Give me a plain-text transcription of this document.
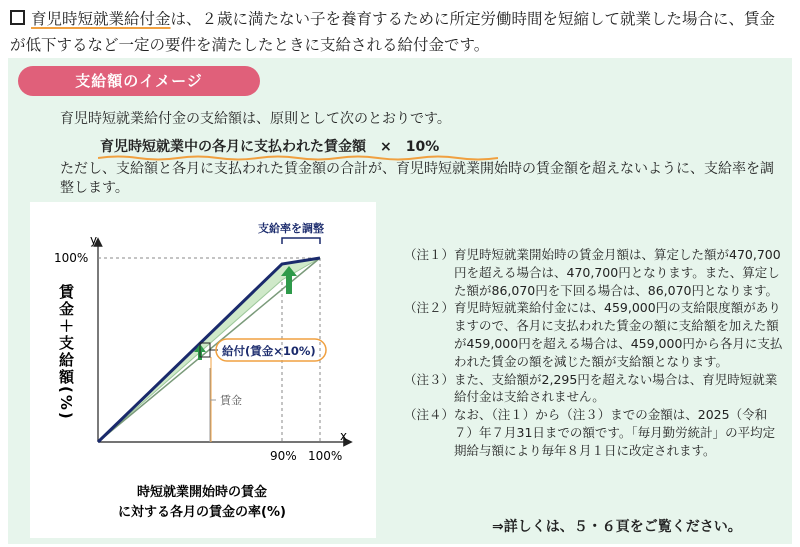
育児時短就業給付金は、２歳に満たない子を養育するために所定労働時間を短縮して就業した場合に、賃金が低下するなど一定の要件を満たしたときに支給される給付金です。
支給額のイメージ
育児時短就業給付金の支給額は、原則として次のとおりです。
育児時短就業中の各月に支払われた賃金額　×　10%
ただし、支給額と各月に支払われた賃金額の合計が、育児時短就業開始時の賃金額を超えないように、支給率を調整します。
y
x
支給率を調整
給付(賃金×10%)
賃金
100%
90% 100%
賃金＋支給額(%)
時短就業開始時の賃金
に対する各月の賃金の率(%)
（注１） 育児時短就業開始時の賃金月額は、算定した額が470,700円を超える場合は、470,700円となります。また、算定した額が86,070円を下回る場合は、86,070円となります。
（注２） 育児時短就業給付金には、459,000円の支給限度額がありますので、各月に支払われた賃金の額に支給額を加えた額が459,000円を超える場合は、459,000円から各月に支払われた賃金の額を減じた額が支給額となります。
（注３） また、支給額が2,295円を超えない場合は、育児時短就業給付金は支給されません。
（注４） なお、（注１）から（注３）までの金額は、2025（令和７）年７月31日までの額です。「毎月勤労統計」の平均定期給与額により毎年８月１日に改定されます。
⇒詳しくは、５・６頁をご覧ください。
